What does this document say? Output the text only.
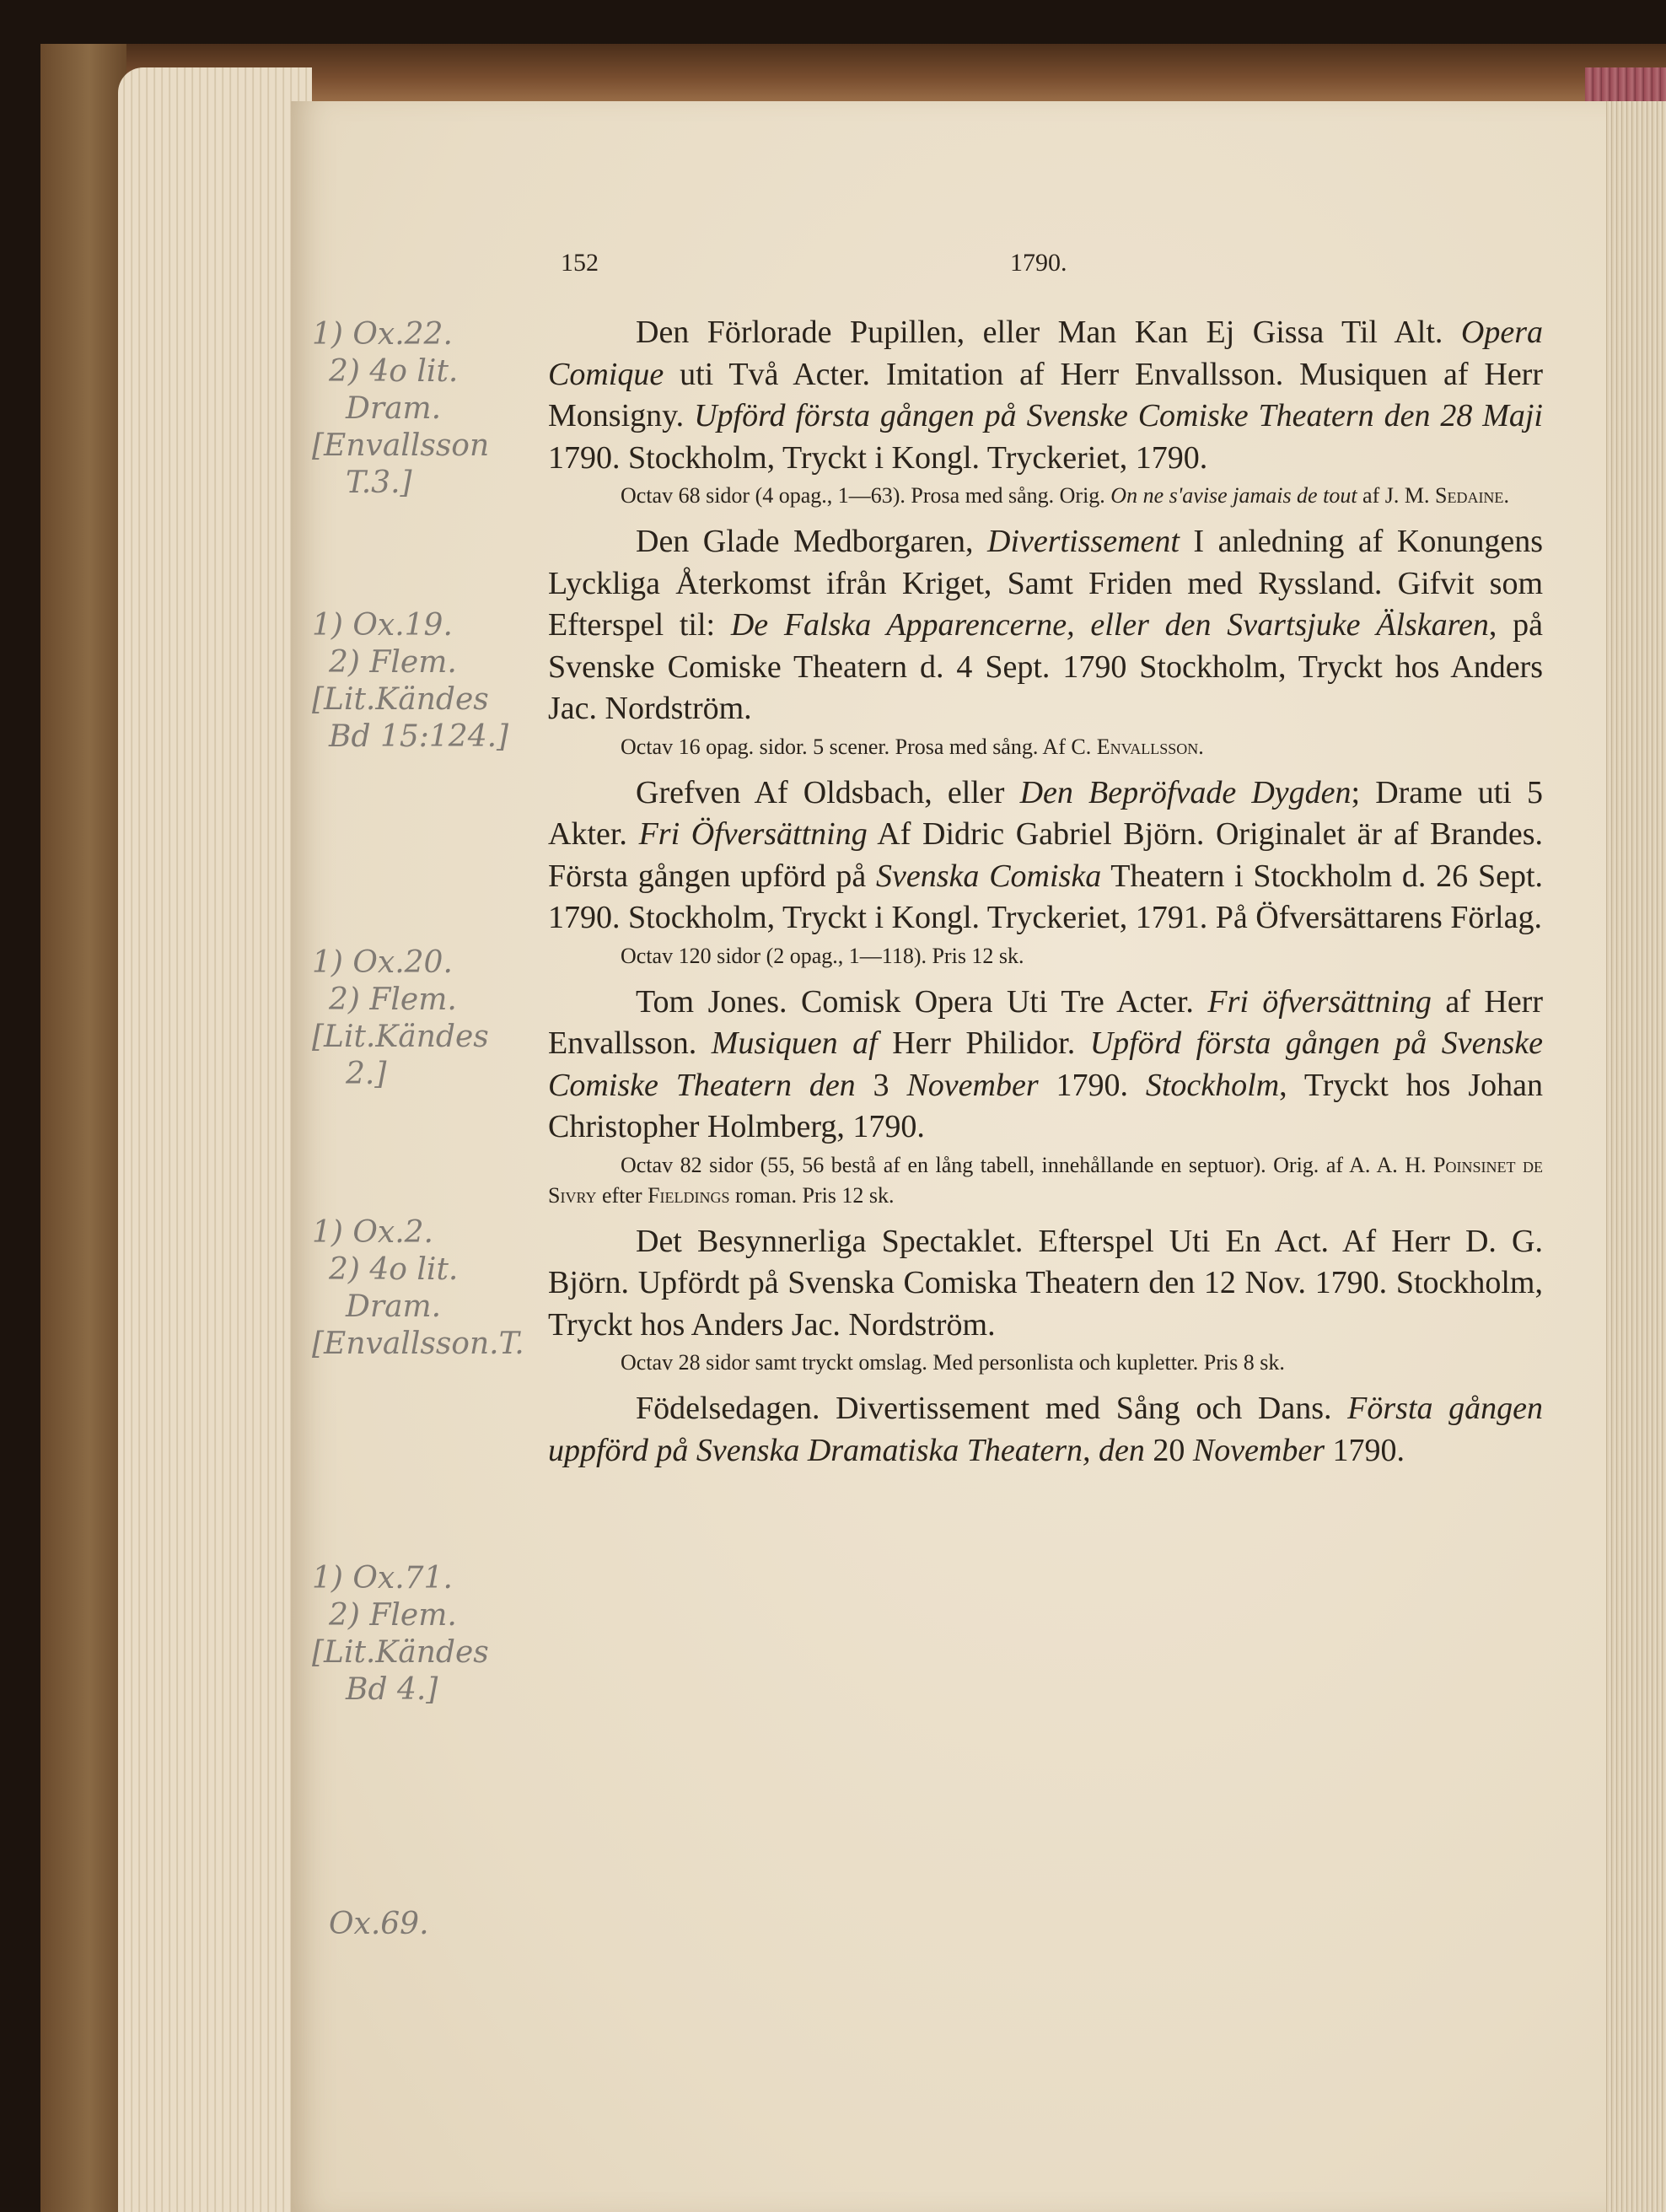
152	1790.

Den Förlorade Pupillen, eller Man Kan Ej Gissa Til Alt. Opera Comique uti Två Acter. Imitation af Herr Envallsson. Musiquen af Herr Monsigny. Upförd första gången på Svenske Comiske Theatern den 28 Maji 1790. Stockholm, Tryckt i Kongl. Tryckeriet, 1790.

Octav 68 sidor (4 opag., 1—63). Prosa med sång. Orig. On ne s'avise jamais de tout af J. M. Sedaine.

Den Glade Medborgaren, Divertissement I anledning af Konungens Lyckliga Återkomst ifrån Kriget, Samt Friden med Ryssland. Gifvit som Efterspel til: De Falska Apparencerne, eller den Svartsjuke Älskaren, på Svenske Comiske Theatern d. 4 Sept. 1790 Stockholm, Tryckt hos Anders Jac. Nordström.

Octav 16 opag. sidor. 5 scener. Prosa med sång. Af C. Envallsson.

Grefven Af Oldsbach, eller Den Bepröfvade Dygden; Drame uti 5 Akter. Fri Öfversättning Af Didric Gabriel Björn. Originalet är af Brandes. Första gången upförd på Svenska Comiska Theatern i Stockholm d. 26 Sept. 1790. Stockholm, Tryckt i Kongl. Tryckeriet, 1791. På Öfversättarens Förlag.

Octav 120 sidor (2 opag., 1—118). Pris 12 sk.

Tom Jones. Comisk Opera Uti Tre Acter. Fri öfversättning af Herr Envallsson. Musiquen af Herr Philidor. Upförd första gången på Svenske Comiske Theatern den 3 November 1790. Stockholm, Tryckt hos Johan Christopher Holmberg, 1790.

Octav 82 sidor (55, 56 bestå af en lång tabell, innehållande en septuor). Orig. af A. A. H. Poinsinet de Sivry efter Fieldings roman. Pris 12 sk.

Det Besynnerliga Spectaklet. Efterspel Uti En Act. Af Herr D. G. Björn. Upfördt på Svenska Comiska Theatern den 12 Nov. 1790. Stockholm, Tryckt hos Anders Jac. Nordström.

Octav 28 sidor samt tryckt omslag. Med personlista och kupletter. Pris 8 sk.

Födelsedagen. Divertissement med Sång och Dans. Första gången uppförd på Svenska Dramatiska Theatern, den 20 November 1790.

1) Ox.22.
2) 4o lit.
Dram.
[Envallsson
T.3.]
1) Ox.19.
2) Flem.
[Lit.Kändes
Bd 15:124.]
1) Ox.20.
2) Flem.
[Lit.Kändes
2.]
1) Ox.2.
2) 4o lit.
Dram.
[Envallsson.T.
1) Ox.71.
2) Flem.
[Lit.Kändes
Bd 4.]
Ox.69.
